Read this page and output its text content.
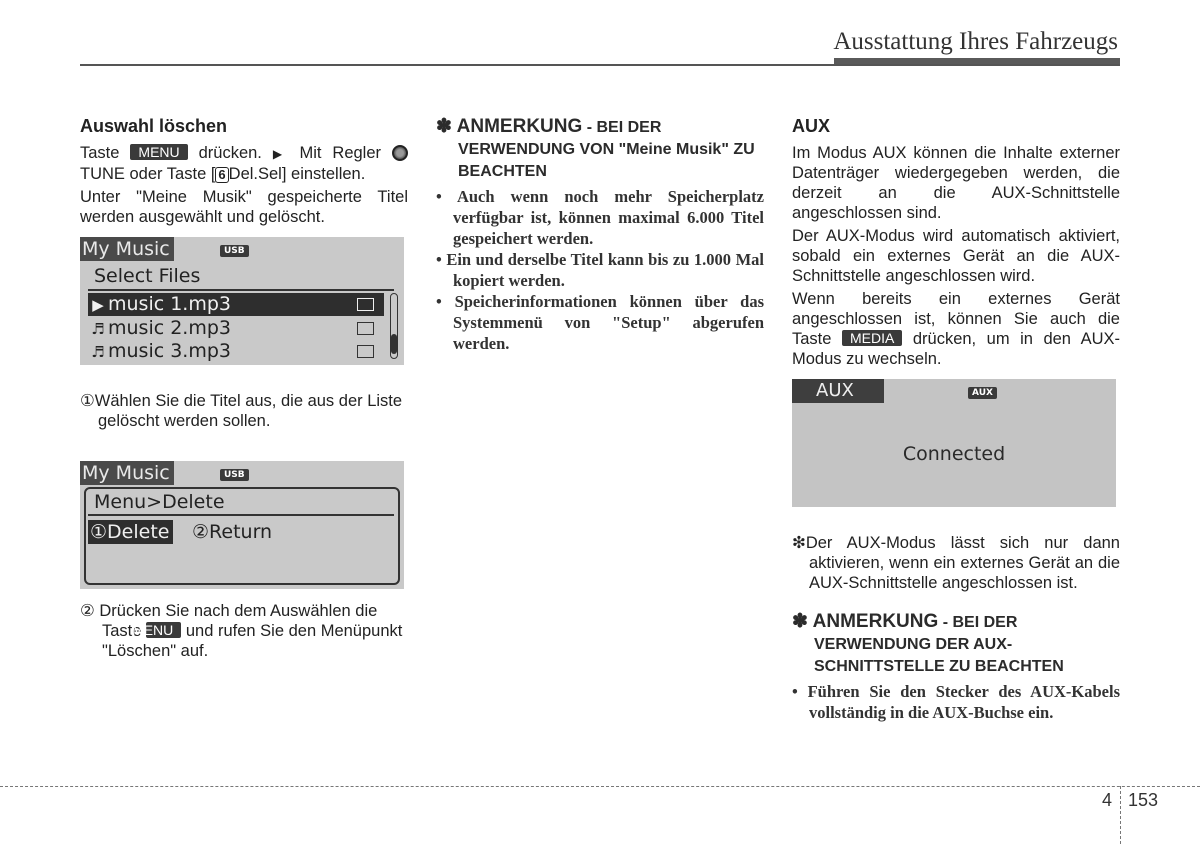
Ausstattung Ihres Fahrzeugs
Auswahl löschen
Taste MENU drücken. ▶ Mit Regler  TUNE oder Taste [ 6 Del.Sel] einstellen.
Unter "Meine Musik" gespeicherte Titel werden ausgewählt und gelöscht.
My Music	USB
Select Files
▶ music 1.mp3
♬ music 2.mp3
♬ music 3.mp3
①Wählen Sie die Titel aus, die aus der Liste gelöscht werden sollen.
My Music	USB
Menu>Delete
①Delete ②Return
② Drücken Sie nach dem Auswählen die Taste MENU und rufen Sie den Menüpunkt "Löschen" auf.
✽ ANMERKUNG - BEI DER VERWENDUNG VON "Meine Musik" ZU BEACHTEN
• Auch wenn noch mehr Speicherplatz verfügbar ist, können maximal 6.000 Titel gespeichert werden.
• Ein und derselbe Titel kann bis zu 1.000 Mal kopiert werden.
• Speicherinformationen können über das Systemmenü von "Setup" abgerufen werden.
AUX
Im Modus AUX können die Inhalte externer Datenträger wiedergegeben werden, die derzeit an die AUX-Schnittstelle angeschlossen sind.
Der AUX-Modus wird automatisch aktiviert, sobald ein externes Gerät an die AUX-Schnittstelle angeschlossen wird.
Wenn bereits ein externes Gerät angeschlossen ist, können Sie auch die Taste MEDIA drücken, um in den AUX-Modus zu wechseln.
AUX	AUX
Connected
❇Der AUX-Modus lässt sich nur dann aktivieren, wenn ein externes Gerät an die AUX-Schnittstelle angeschlossen ist.
✽ ANMERKUNG - BEI DER VERWENDUNG DER AUX-SCHNITTSTELLE ZU BEACHTEN
• Führen Sie den Stecker des AUX-Kabels vollständig in die AUX-Buchse ein.
4 153
